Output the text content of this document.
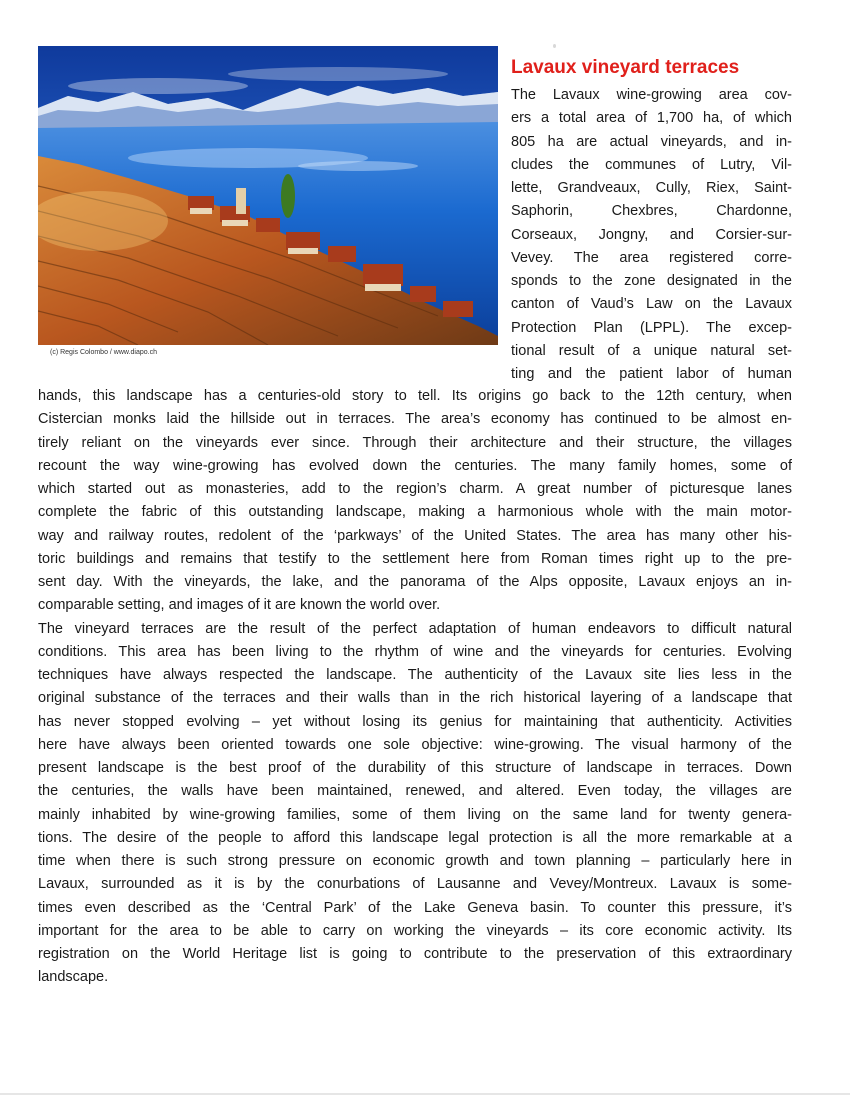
(c) Regis Colombo / www.diapo.ch
Lavaux vineyard terraces
The Lavaux wine-growing area cov-
ers a total area of 1,700 ha, of which
805 ha are actual vineyards, and in-
cludes the communes of Lutry, Vil-
lette, Grandveaux, Cully, Riex, Saint-
Saphorin, Chexbres, Chardonne,
Corseaux, Jongny, and Corsier-sur-
Vevey. The area registered corre-
sponds to the zone designated in the
canton of Vaud’s Law on the Lavaux
Protection Plan (LPPL). The excep-
tional result of a unique natural set-
ting and the patient labor of human
hands, this landscape has a centuries-old story to tell. Its origins go back to the 12th century, when
Cistercian monks laid the hillside out in terraces. The area’s economy has continued to be almost en-
tirely reliant on the vineyards ever since. Through their architecture and their structure, the villages
recount the way wine-growing has evolved down the centuries. The many family homes, some of
which started out as monasteries, add to the region’s charm. A great number of picturesque lanes
complete the fabric of this outstanding landscape, making a harmonious whole with the main motor-
way and railway routes, redolent of the ‘parkways’ of the United States. The area has many other his-
toric buildings and remains that testify to the settlement here from Roman times right up to the pre-
sent day. With the vineyards, the lake, and the panorama of the Alps opposite, Lavaux enjoys an in-
comparable setting, and images of it are known the world over.
The vineyard terraces are the result of the perfect adaptation of human endeavors to difficult natural
conditions. This area has been living to the rhythm of wine and the vineyards for centuries. Evolving
techniques have always respected the landscape. The authenticity of the Lavaux site lies less in the
original substance of the terraces and their walls than in the rich historical layering of a landscape that
has never stopped evolving – yet without losing its genius for maintaining that authenticity. Activities
here have always been oriented towards one sole objective: wine-growing. The visual harmony of the
present landscape is the best proof of the durability of this structure of landscape in terraces. Down
the centuries, the walls have been maintained, renewed, and altered. Even today, the villages are
mainly inhabited by wine-growing families, some of them living on the same land for twenty genera-
tions. The desire of the people to afford this landscape legal protection is all the more remarkable at a
time when there is such strong pressure on economic growth and town planning – particularly here in
Lavaux, surrounded as it is by the conurbations of Lausanne and Vevey/Montreux. Lavaux is some-
times even described as the ‘Central Park’ of the Lake Geneva basin. To counter this pressure, it’s
important for the area to be able to carry on working the vineyards – its core economic activity. Its
registration on the World Heritage list is going to contribute to the preservation of this extraordinary
landscape.
